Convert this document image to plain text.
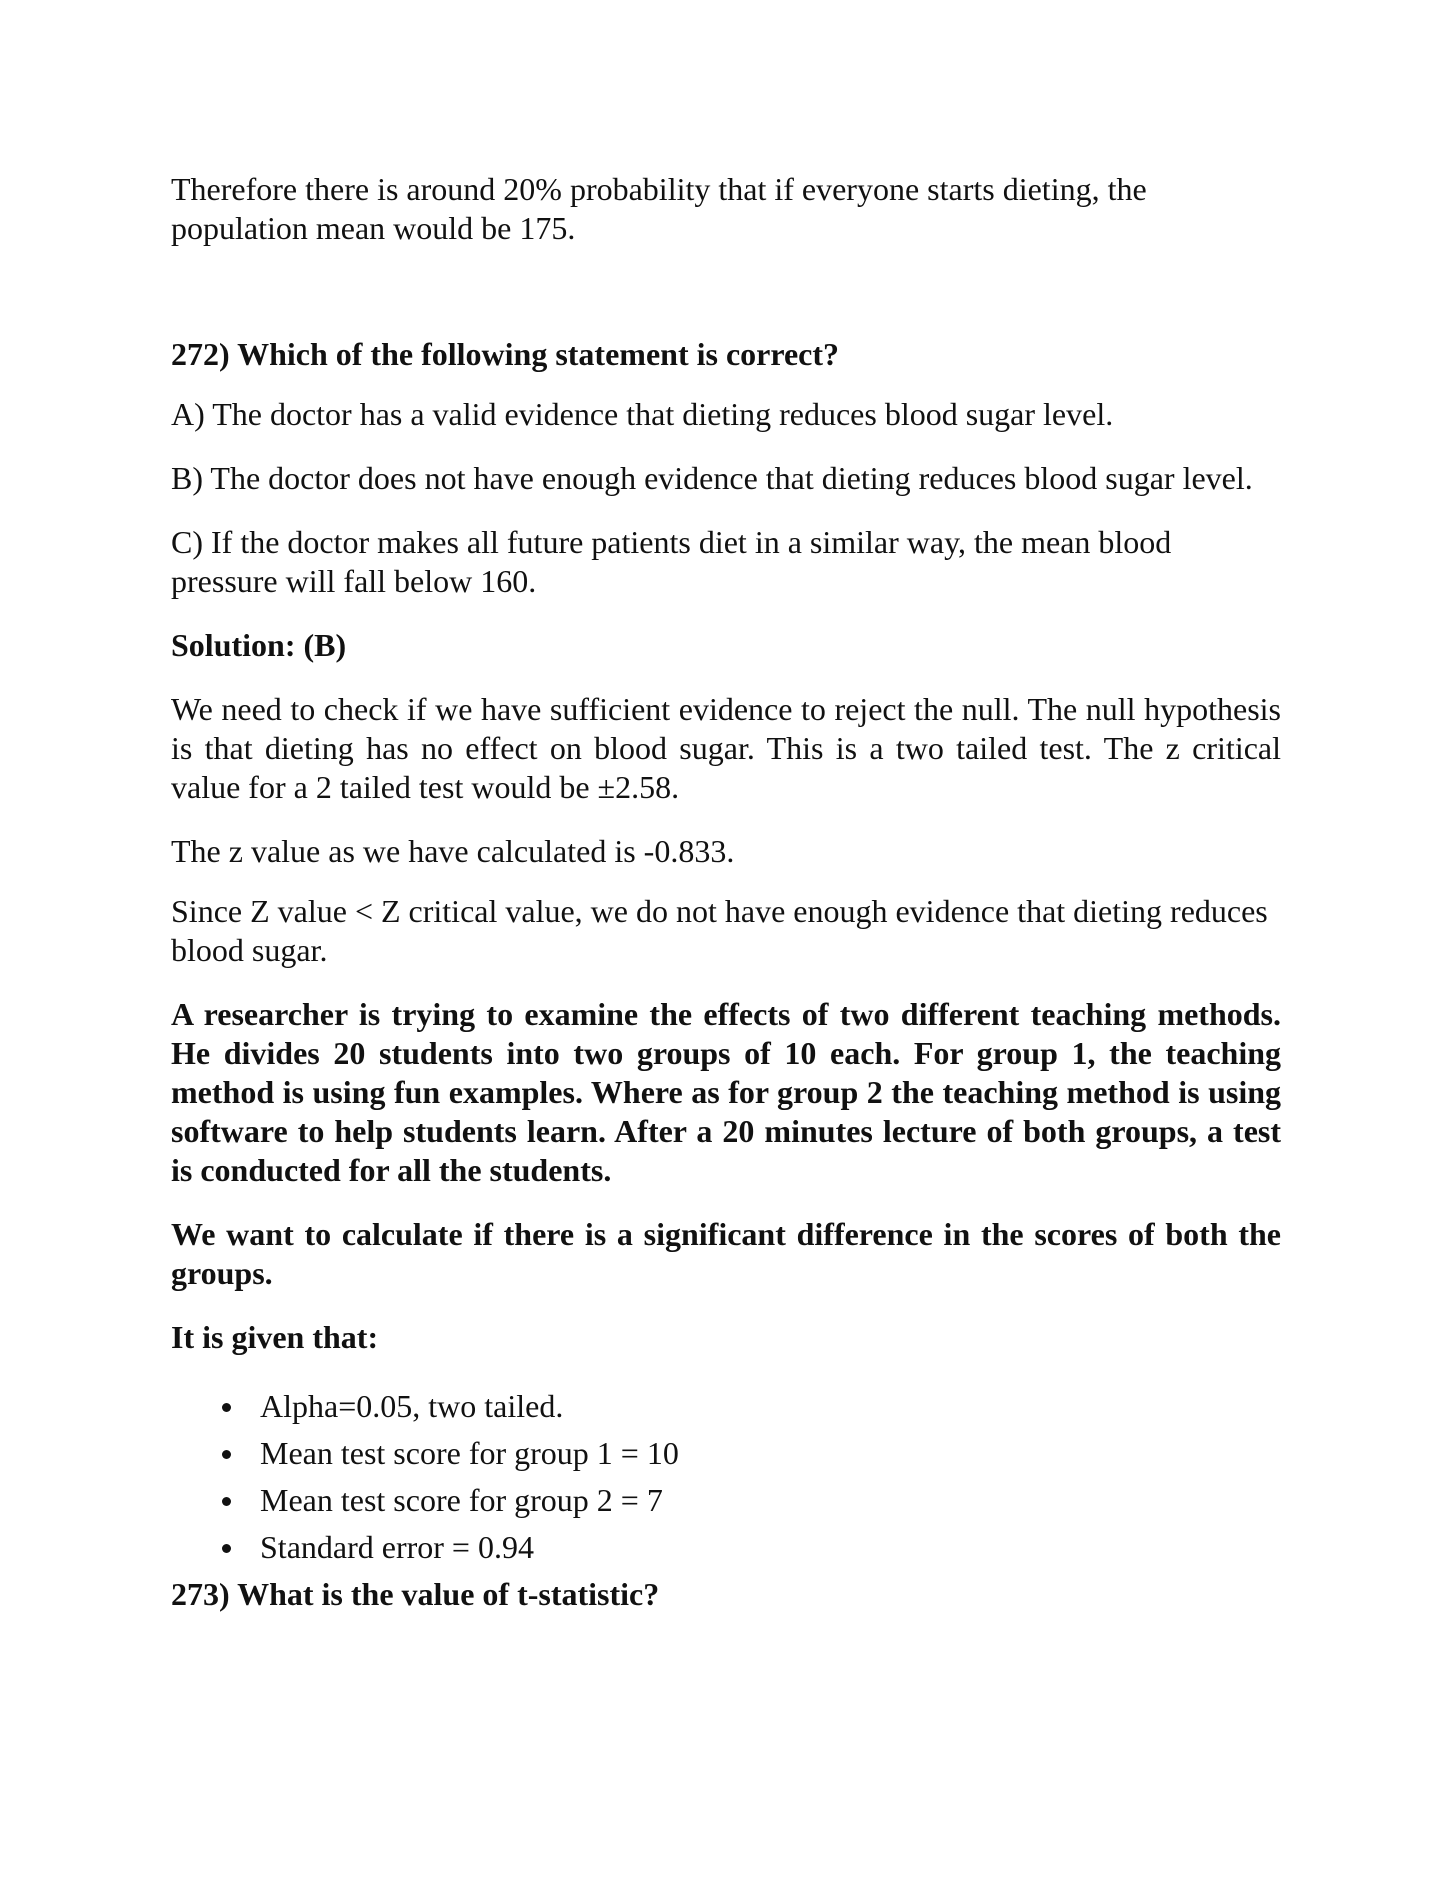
Therefore there is around 20% probability that if everyone starts dieting, the population mean would be 175.

272) Which of the following statement is correct?

A) The doctor has a valid evidence that dieting reduces blood sugar level.

B) The doctor does not have enough evidence that dieting reduces blood sugar level.

C) If the doctor makes all future patients diet in a similar way, the mean blood pressure will fall below 160.

Solution: (B)

We need to check if we have sufficient evidence to reject the null. The null hypothesis is that dieting has no effect on blood sugar. This is a two tailed test. The z critical value for a 2 tailed test would be ±2.58.

The z value as we have calculated is -0.833.

Since Z value < Z critical value, we do not have enough evidence that dieting reduces blood sugar.

A researcher is trying to examine the effects of two different teaching methods. He divides 20 students into two groups of 10 each. For group 1, the teaching method is using fun examples. Where as for group 2 the teaching method is using software to help students learn. After a 20 minutes lecture of both groups, a test is conducted for all the students.

We want to calculate if there is a significant difference in the scores of both the groups.

It is given that:

Alpha=0.05, two tailed.
Mean test score for group 1 = 10
Mean test score for group 2 = 7
Standard error = 0.94

273) What is the value of t-statistic?
